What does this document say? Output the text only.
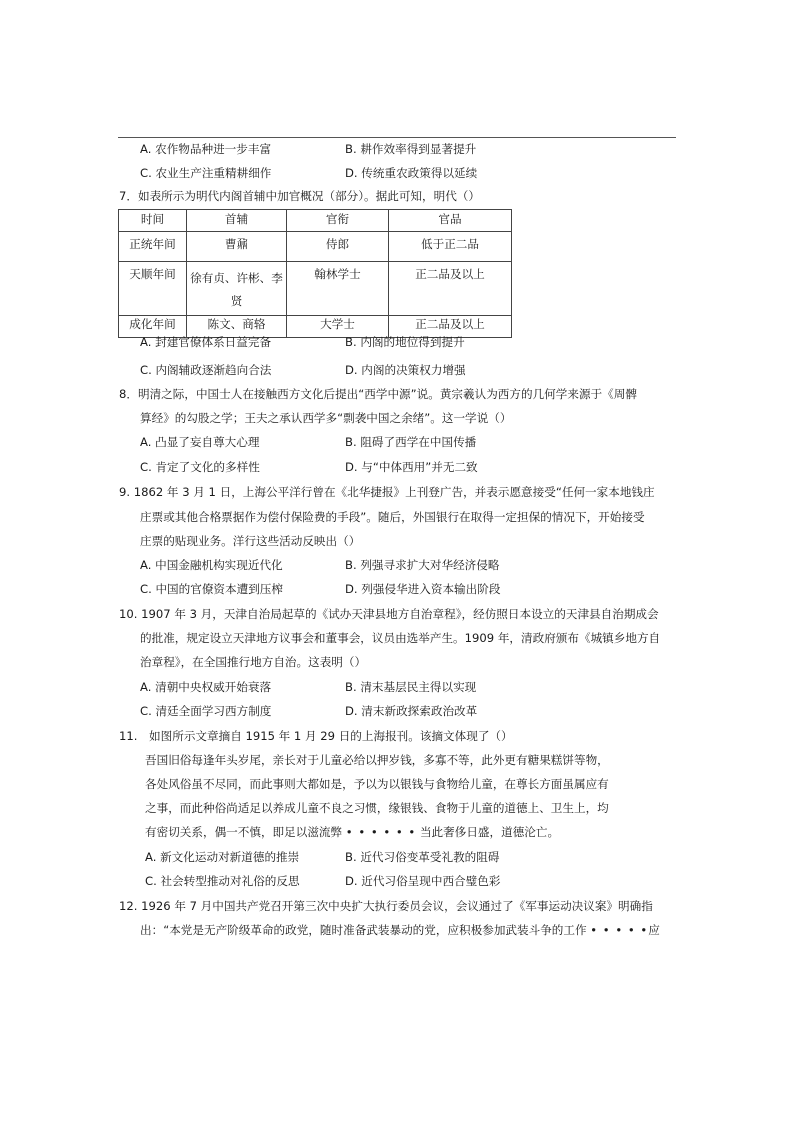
A. 农作物品种进一步丰富	B. 耕作效率得到显著提升
C. 农业生产注重精耕细作	D. 传统重农政策得以延续
7．如表所示为明代内阁首辅中加官概况（部分）。据此可知，明代（）
时间	首辅	官衔	官品
正统年间	曹鼐	侍郎	低于正二品
天顺年间	徐有贞、许彬、李贤	翰林学士	正二品及以上
成化年间	陈文、商辂	大学士	正二品及以上
A. 封建官僚体系日益完备	B. 内阁的地位得到提升
C. 内阁辅政逐渐趋向合法	D. 内阁的决策权力增强
8．明清之际，中国士人在接触西方文化后提出“西学中源”说。黄宗羲认为西方的几何学来源于《周髀
算经》的勾股之学；王夫之承认西学多“剽袭中国之余绪”。这一学说（）
A. 凸显了妄自尊大心理	B. 阻碍了西学在中国传播
C. 肯定了文化的多样性	D. 与“中体西用”并无二致
9. 1862 年 3 月 1 日，上海公平洋行曾在《北华捷报》上刊登广告，并表示愿意接受“任何一家本地钱庄
庄票或其他合格票据作为偿付保险费的手段”。随后，外国银行在取得一定担保的情况下，开始接受
庄票的贴现业务。洋行这些活动反映出（）
A. 中国金融机构实现近代化	B. 列强寻求扩大对华经济侵略
C. 中国的官僚资本遭到压榨	D. 列强侵华进入资本输出阶段
10. 1907 年 3 月，天津自治局起草的《试办天津县地方自治章程》，经仿照日本设立的天津县自治期成会
的批准，规定设立天津地方议事会和董事会，议员由选举产生。1909 年，清政府颁布《城镇乡地方自
治章程》，在全国推行地方自治。这表明（）
A. 清朝中央权威开始衰落	B. 清末基层民主得以实现
C. 清廷全面学习西方制度	D. 清末新政探索政治改革
11.　如图所示文章摘自 1915 年 1 月 29 日的上海报刊。该摘文体现了（）
吾国旧俗每逢年头岁尾，亲长对于儿童必给以押岁钱，多寡不等，此外更有糖果糕饼等物，
各处风俗虽不尽同，而此事则大都如是，予以为以银钱与食物给儿童，在尊长方面虽属应有
之事，而此种俗尚适足以养成儿童不良之习惯，缘银钱、食物于儿童的道德上、卫生上，均
有密切关系，偶一不慎，即足以滋流弊 • • • • • • 当此奢侈日盛，道德沦亡。
A. 新文化运动对新道德的推崇	B. 近代习俗变革受礼教的阻碍
C. 社会转型推动对礼俗的反思	D. 近代习俗呈现中西合璧色彩
12. 1926 年 7 月中国共产党召开第三次中央扩大执行委员会议，会议通过了《军事运动决议案》明确指
出：“本党是无产阶级革命的政党，随时准备武装暴动的党，应积极参加武装斗争的工作 • • • • •应
